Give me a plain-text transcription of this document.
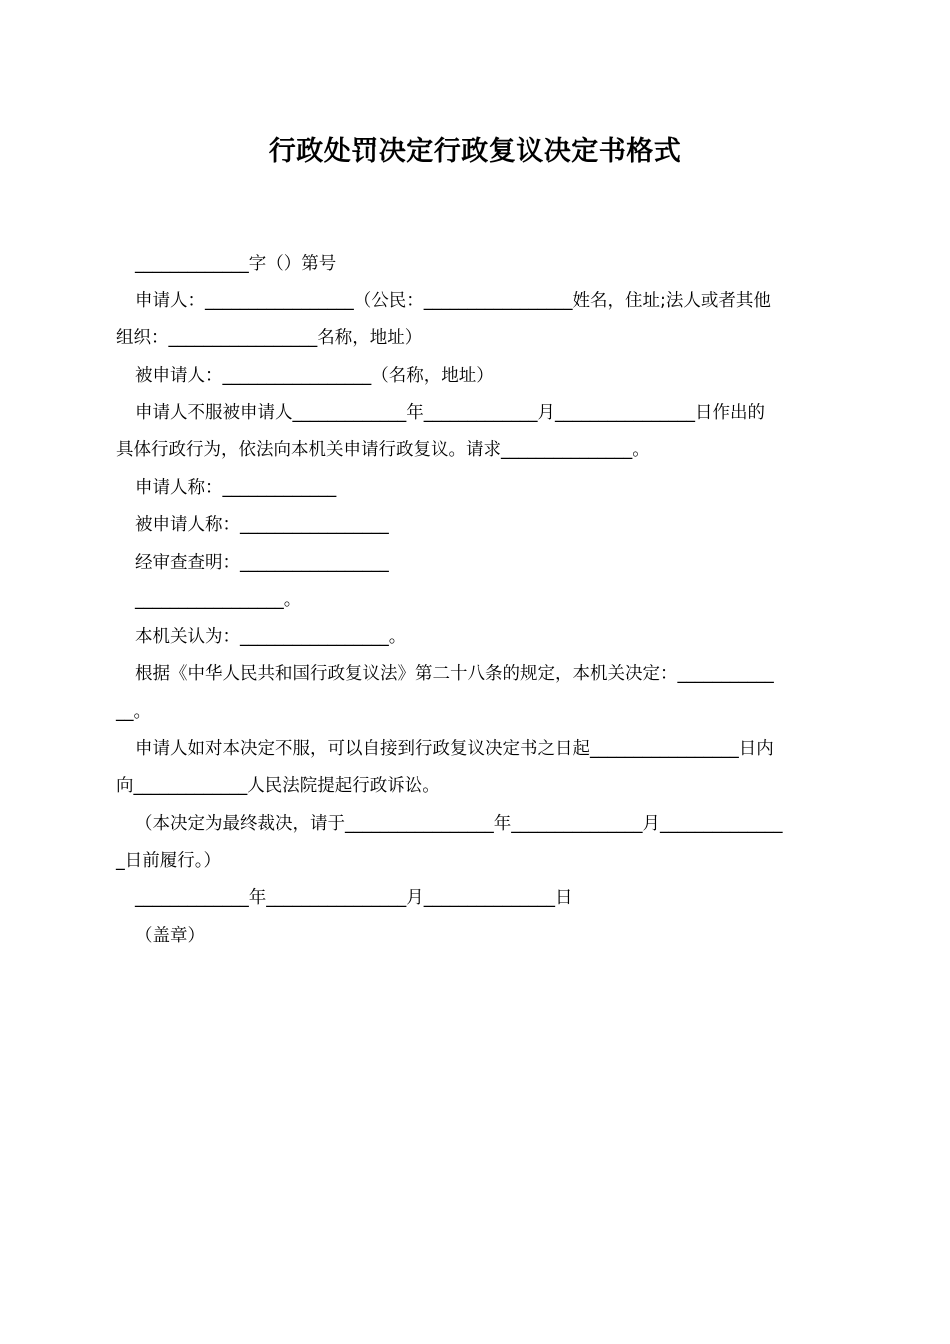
行政处罚决定行政复议决定书格式
_____________字（）第号
申请人：_________________（公民：_________________姓名，住址;法人或者其他
组织：_________________名称，地址）
被申请人：_________________（名称，地址）
申请人不服被申请人_____________年_____________月________________日作出的
具体行政行为，依法向本机关申请行政复议。请求_______________。
申请人称：_____________
被申请人称：_________________
经审查查明：_________________
_________________。
本机关认为：_________________。
根据《中华人民共和国行政复议法》第二十八条的规定，本机关决定：___________
__。
申请人如对本决定不服，可以自接到行政复议决定书之日起_________________日内
向_____________人民法院提起行政诉讼。
（本决定为最终裁决，请于_________________年_______________月______________
_日前履行。）
_____________年________________月_______________日
（盖章）
